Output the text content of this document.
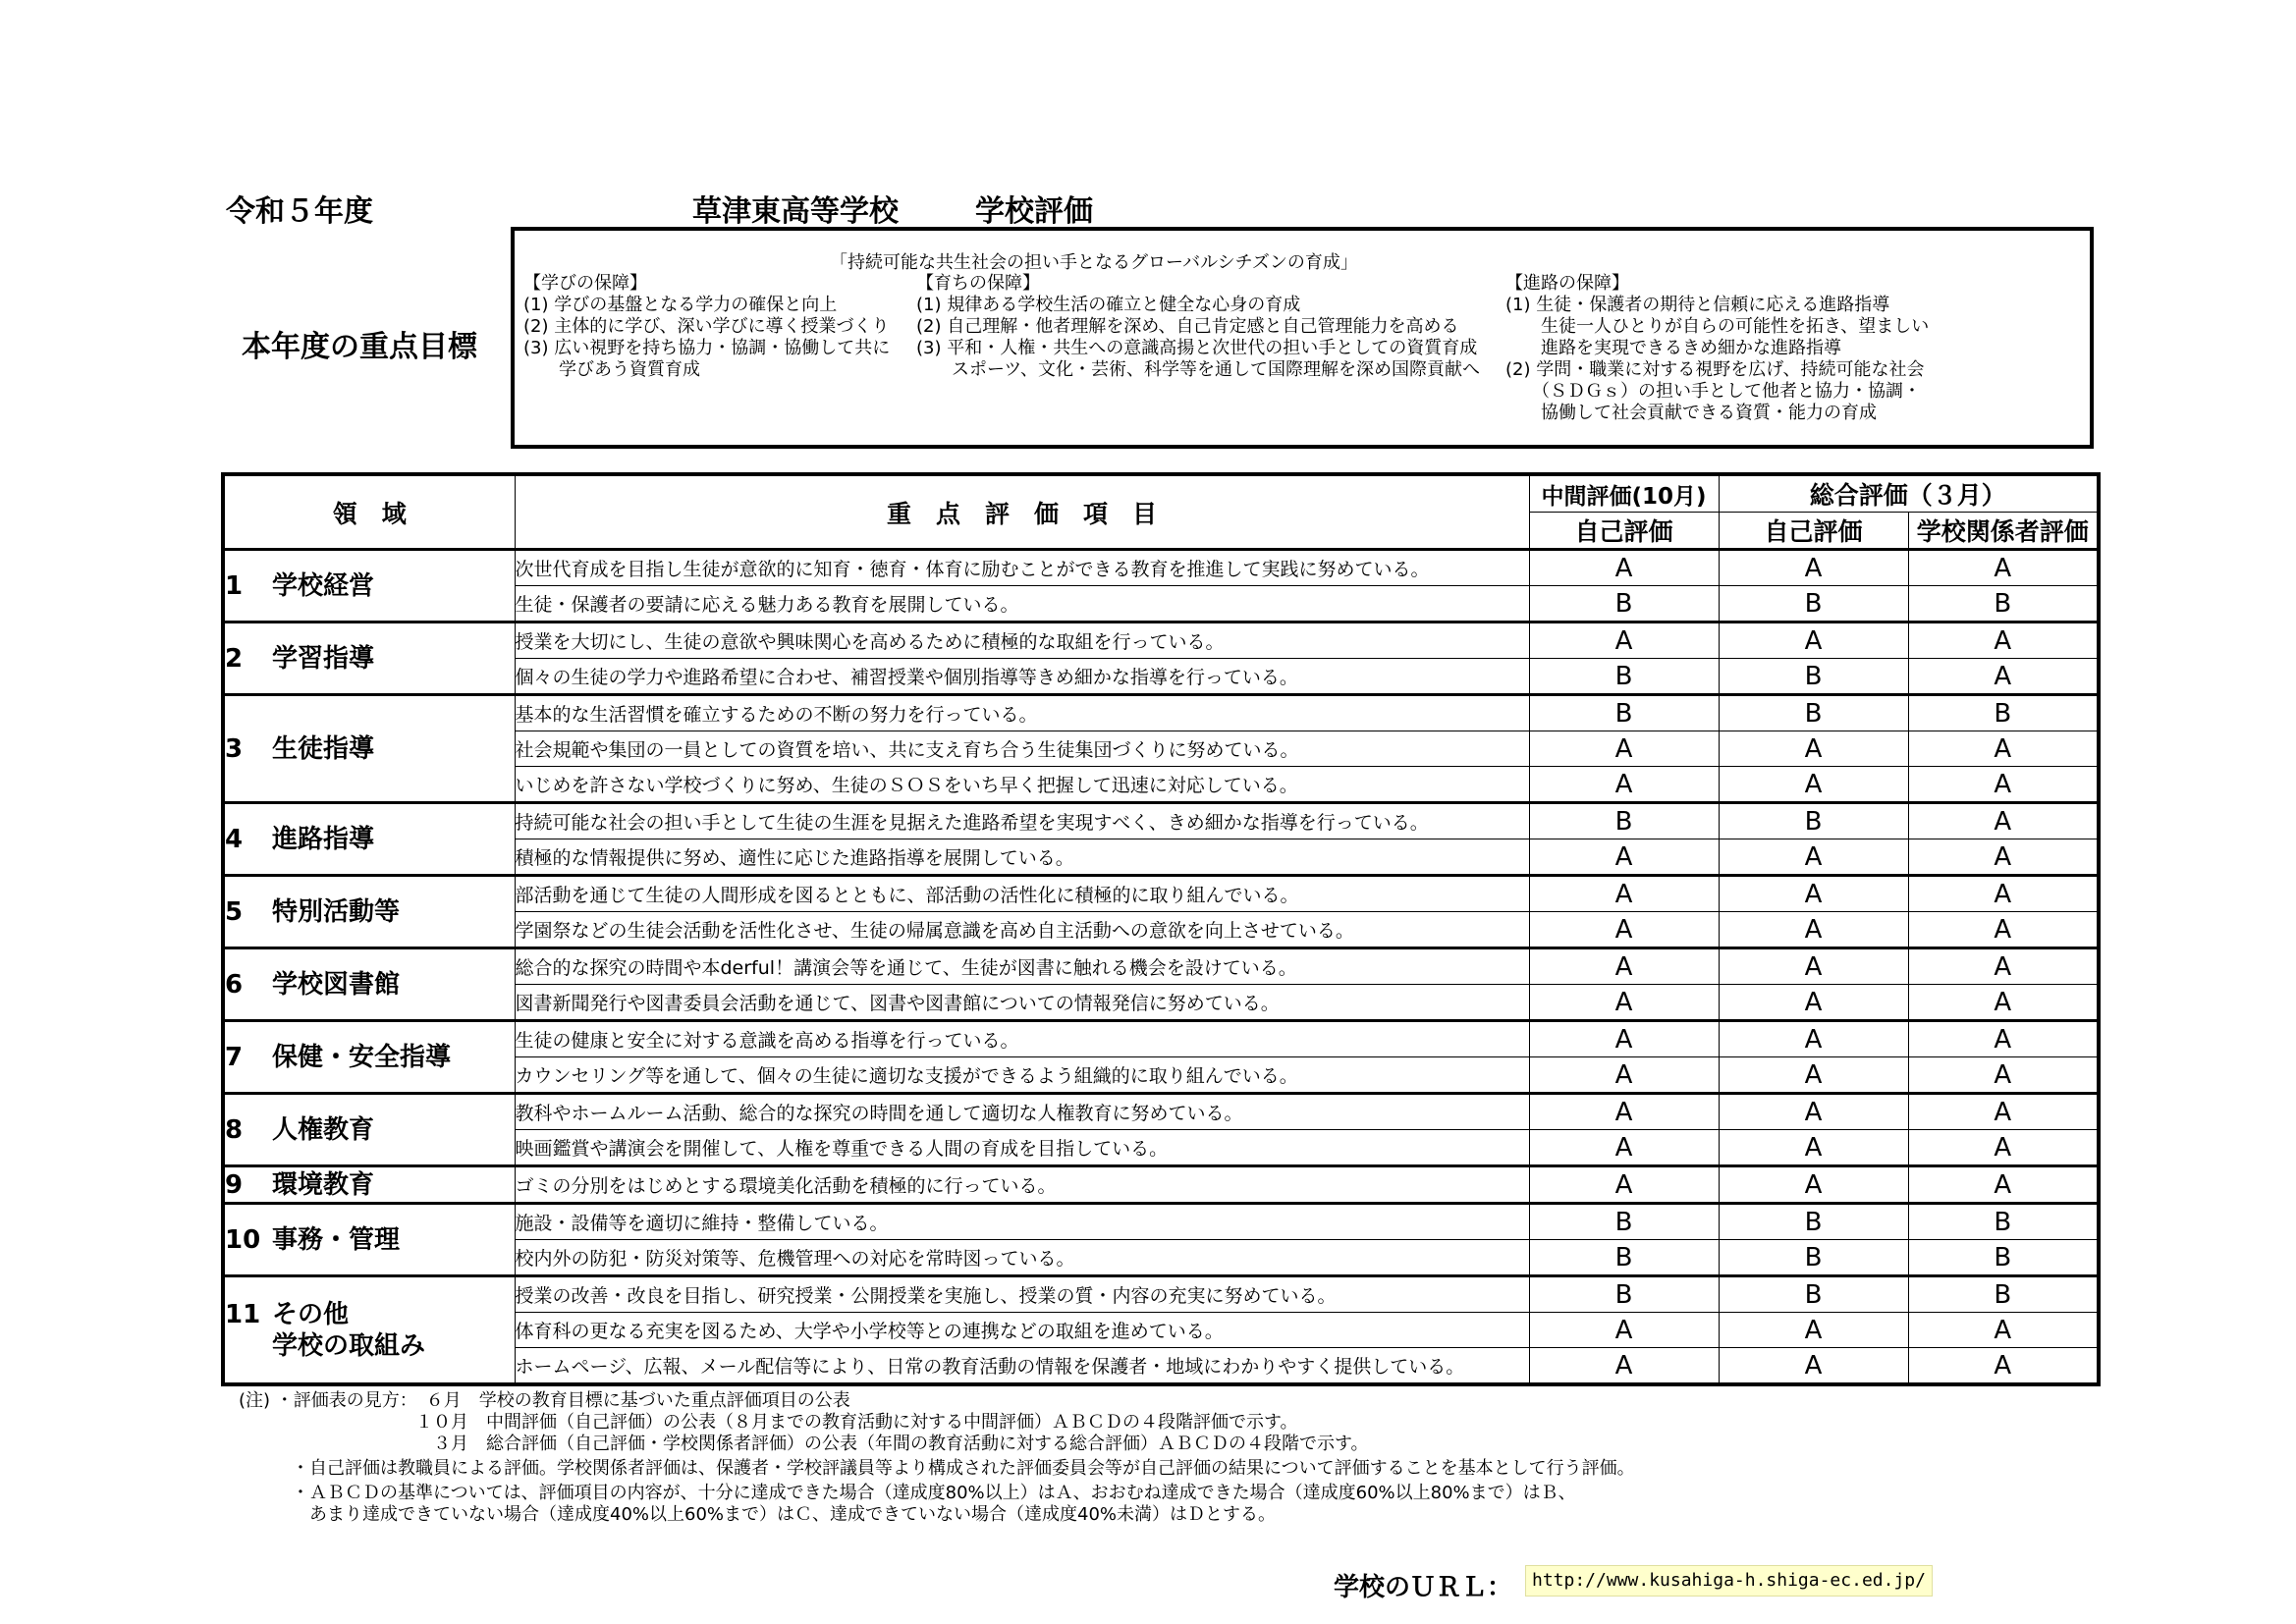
令和５年度	草津東高等学校	学校評価
本年度の重点目標
「持続可能な共生社会の担い手となるグローバルシチズンの育成」
【学びの保障】
(1) 学びの基盤となる学力の確保と向上
(2) 主体的に学び、深い学びに導く授業づくり
(3) 広い視野を持ち協力・協調・協働して共に
　　学びあう資質育成
【育ちの保障】
(1) 規律ある学校生活の確立と健全な心身の育成
(2) 自己理解・他者理解を深め、自己肯定感と自己管理能力を高める
(3) 平和・人権・共生への意識高揚と次世代の担い手としての資質育成
　　スポーツ、文化・芸術、科学等を通して国際理解を深め国際貢献へ
【進路の保障】
(1) 生徒・保護者の期待と信頼に応える進路指導
　　生徒一人ひとりが自らの可能性を拓き、望ましい
　　進路を実現できるきめ細かな進路指導
(2) 学問・職業に対する視野を広げ、持続可能な社会
　　（ＳＤＧｓ）の担い手として他者と協力・協調・
　　協働して社会貢献できる資質・能力の育成
領　域	重　点　評　価　項　目	中間評価(10月)	総合評価（３月）	
		自己評価	自己評価	学校関係者評価
1 学校経営	次世代育成を目指し生徒が意欲的に知育・徳育・体育に励むことができる教育を推進して実践に努めている。	A	A	A
	生徒・保護者の要請に応える魅力ある教育を展開している。	B	B	B
2 学習指導	授業を大切にし、生徒の意欲や興味関心を高めるために積極的な取組を行っている。	A	A	A
	個々の生徒の学力や進路希望に合わせ、補習授業や個別指導等きめ細かな指導を行っている。	B	B	A
3 生徒指導	基本的な生活習慣を確立するための不断の努力を行っている。	B	B	B
	社会規範や集団の一員としての資質を培い、共に支え育ち合う生徒集団づくりに努めている。	A	A	A
	いじめを許さない学校づくりに努め、生徒のＳＯＳをいち早く把握して迅速に対応している。	A	A	A
4 進路指導	持続可能な社会の担い手として生徒の生涯を見据えた進路希望を実現すべく、きめ細かな指導を行っている。	B	B	A
	積極的な情報提供に努め、適性に応じた進路指導を展開している。	A	A	A
5 特別活動等	部活動を通じて生徒の人間形成を図るとともに、部活動の活性化に積極的に取り組んでいる。	A	A	A
	学園祭などの生徒会活動を活性化させ、生徒の帰属意識を高め自主活動への意欲を向上させている。	A	A	A
6 学校図書館	総合的な探究の時間や本derful！講演会等を通じて、生徒が図書に触れる機会を設けている。	A	A	A
	図書新聞発行や図書委員会活動を通じて、図書や図書館についての情報発信に努めている。	A	A	A
7 保健・安全指導	生徒の健康と安全に対する意識を高める指導を行っている。	A	A	A
	カウンセリング等を通して、個々の生徒に適切な支援ができるよう組織的に取り組んでいる。	A	A	A
8 人権教育	教科やホームルーム活動、総合的な探究の時間を通して適切な人権教育に努めている。	A	A	A
	映画鑑賞や講演会を開催して、人権を尊重できる人間の育成を目指している。	A	A	A
9 環境教育	ゴミの分別をはじめとする環境美化活動を積極的に行っている。	A	A	A
10 事務・管理	施設・設備等を適切に維持・整備している。	B	B	B
	校内外の防犯・防災対策等、危機管理への対応を常時図っている。	B	B	B
11 その他
学校の取組み	授業の改善・改良を目指し、研究授業・公開授業を実施し、授業の質・内容の充実に努めている。	B	B	B
	体育科の更なる充実を図るため、大学や小学校等との連携などの取組を進めている。	A	A	A
	ホームページ、広報、メール配信等により、日常の教育活動の情報を保護者・地域にわかりやすく提供している。	A	A	A
(注) ・評価表の見方：　６月　学校の教育目標に基づいた重点評価項目の公表
　　　　　　　　　　１０月　中間評価（自己評価）の公表（８月までの教育活動に対する中間評価）ＡＢＣＤの４段階評価で示す。
　　　　　　　　　　　３月　総合評価（自己評価・学校関係者評価）の公表（年間の教育活動に対する総合評価）ＡＢＣＤの４段階で示す。
　　　・自己評価は教職員による評価。学校関係者評価は、保護者・学校評議員等より構成された評価委員会等が自己評価の結果について評価することを基本として行う評価。
　　　・ＡＢＣＤの基準については、評価項目の内容が、十分に達成できた場合（達成度80%以上）はＡ、おおむね達成できた場合（達成度60%以上80%まで）はＢ、
　　　　あまり達成できていない場合（達成度40%以上60%まで）はＣ、達成できていない場合（達成度40%未満）はＤとする。
学校のＵＲＬ：	http://www.kusahiga-h.shiga-ec.ed.jp/
